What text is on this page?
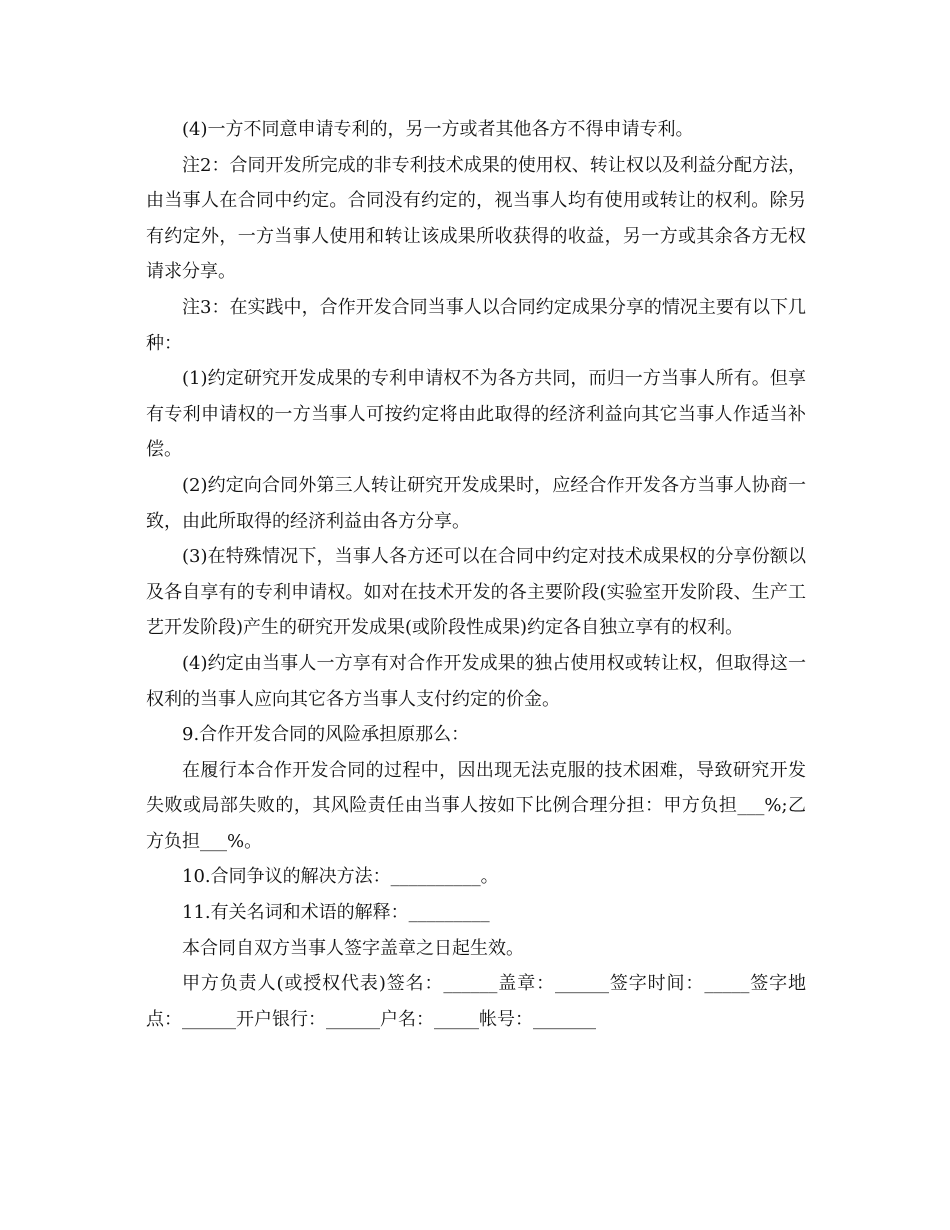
(4)一方不同意申请专利的，另一方或者其他各方不得申请专利。

注2：合同开发所完成的非专利技术成果的使用权、转让权以及利益分配方法，由当事人在合同中约定。合同没有约定的，视当事人均有使用或转让的权利。除另有约定外，一方当事人使用和转让该成果所收获得的收益，另一方或其余各方无权请求分享。

注3：在实践中，合作开发合同当事人以合同约定成果分享的情况主要有以下几种：

(1)约定研究开发成果的专利申请权不为各方共同，而归一方当事人所有。但享有专利申请权的一方当事人可按约定将由此取得的经济利益向其它当事人作适当补偿。

(2)约定向合同外第三人转让研究开发成果时，应经合作开发各方当事人协商一致，由此所取得的经济利益由各方分享。

(3)在特殊情况下，当事人各方还可以在合同中约定对技术成果权的分享份额以及各自享有的专利申请权。如对在技术开发的各主要阶段(实验室开发阶段、生产工艺开发阶段)产生的研究开发成果(或阶段性成果)约定各自独立享有的权利。

(4)约定由当事人一方享有对合作开发成果的独占使用权或转让权，但取得这一权利的当事人应向其它各方当事人支付约定的价金。

9.合作开发合同的风险承担原那么：

在履行本合作开发合同的过程中，因出现无法克服的技术困难，导致研究开发失败或局部失败的，其风险责任由当事人按如下比例合理分担：甲方负担___%;乙方负担___%。

10.合同争议的解决方法：__________。

11.有关名词和术语的解释：_________

本合同自双方当事人签字盖章之日起生效。

甲方负责人(或授权代表)签名：______盖章：______签字时间：_____签字地点：______开户银行：______户名：_____帐号：_______
